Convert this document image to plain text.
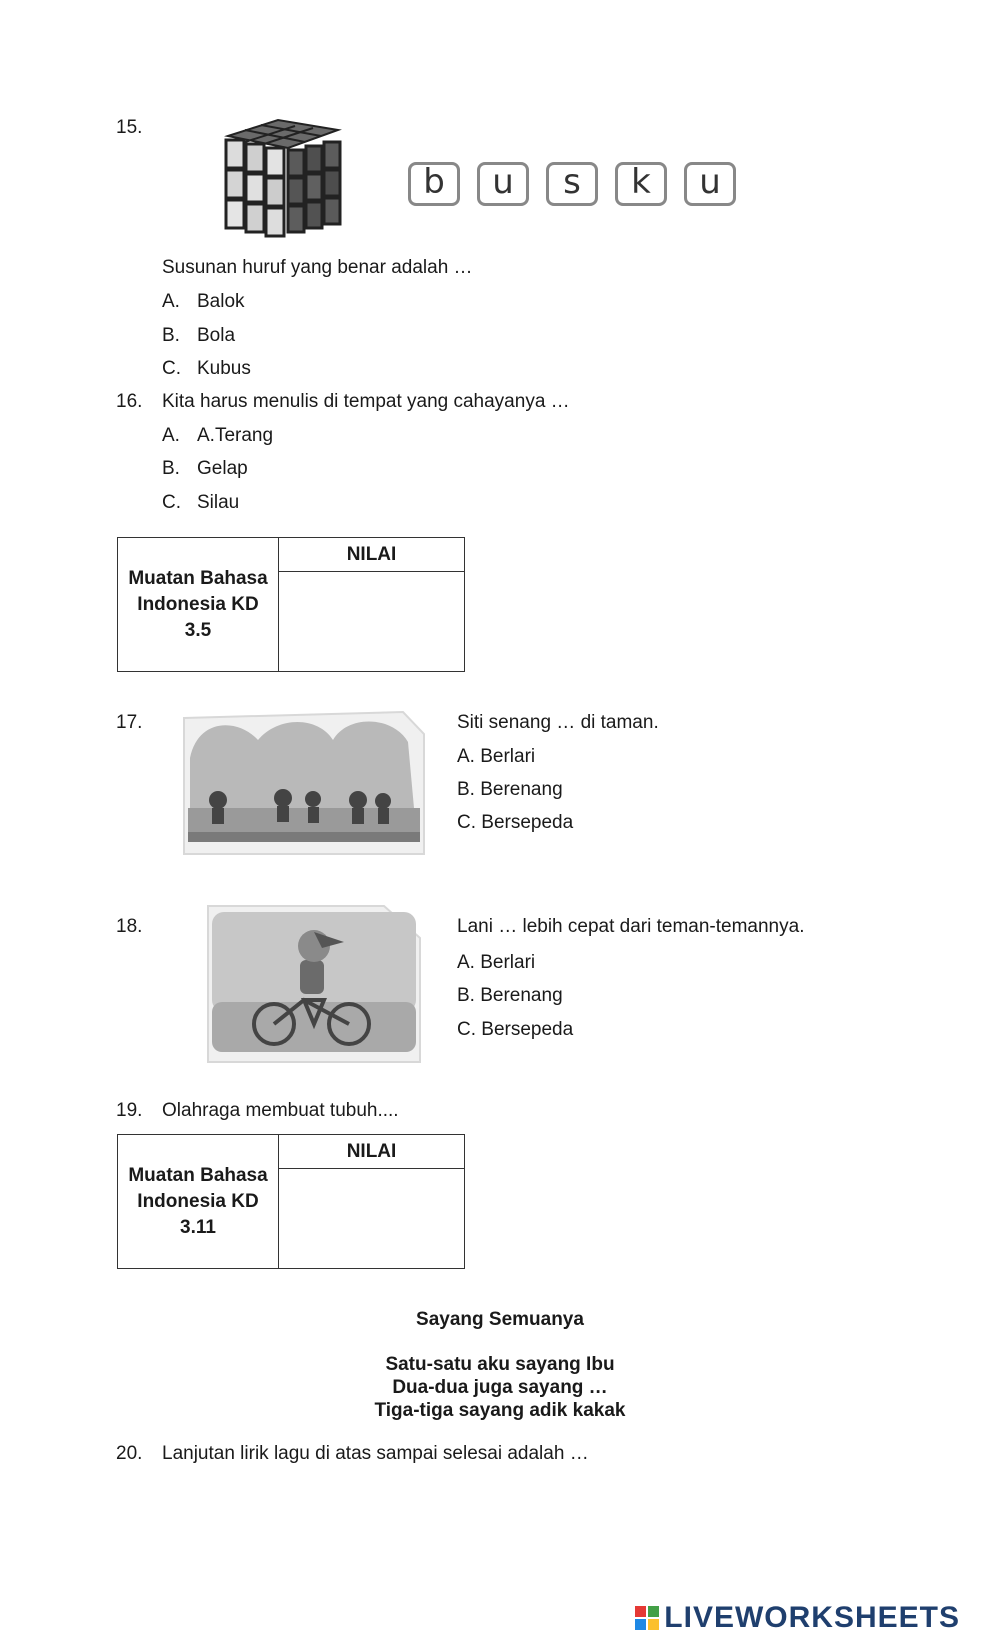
15.
b	u	s	k	u
Susunan huruf yang benar adalah …
A. Balok
B. Bola
C. Kubus
16. Kita harus menulis di tempat yang cahayanya …
A. A.Terang
B. Gelap
C. Silau
Muatan Bahasa
Indonesia KD
3.5
	NILAI

17.	Siti senang … di taman.
A. Berlari
B. Berenang
C. Bersepeda
18.	Lani … lebih cepat dari teman-temannya.
A. Berlari
B. Berenang
C. Bersepeda
19. Olahraga membuat tubuh....
Muatan Bahasa
Indonesia KD
3.11
	NILAI

Sayang Semuanya
Satu-satu aku sayang Ibu
Dua-dua juga sayang …
Tiga-tiga sayang adik kakak
20. Lanjutan lirik lagu di atas sampai selesai adalah …
LIVEWORKSHEETS
